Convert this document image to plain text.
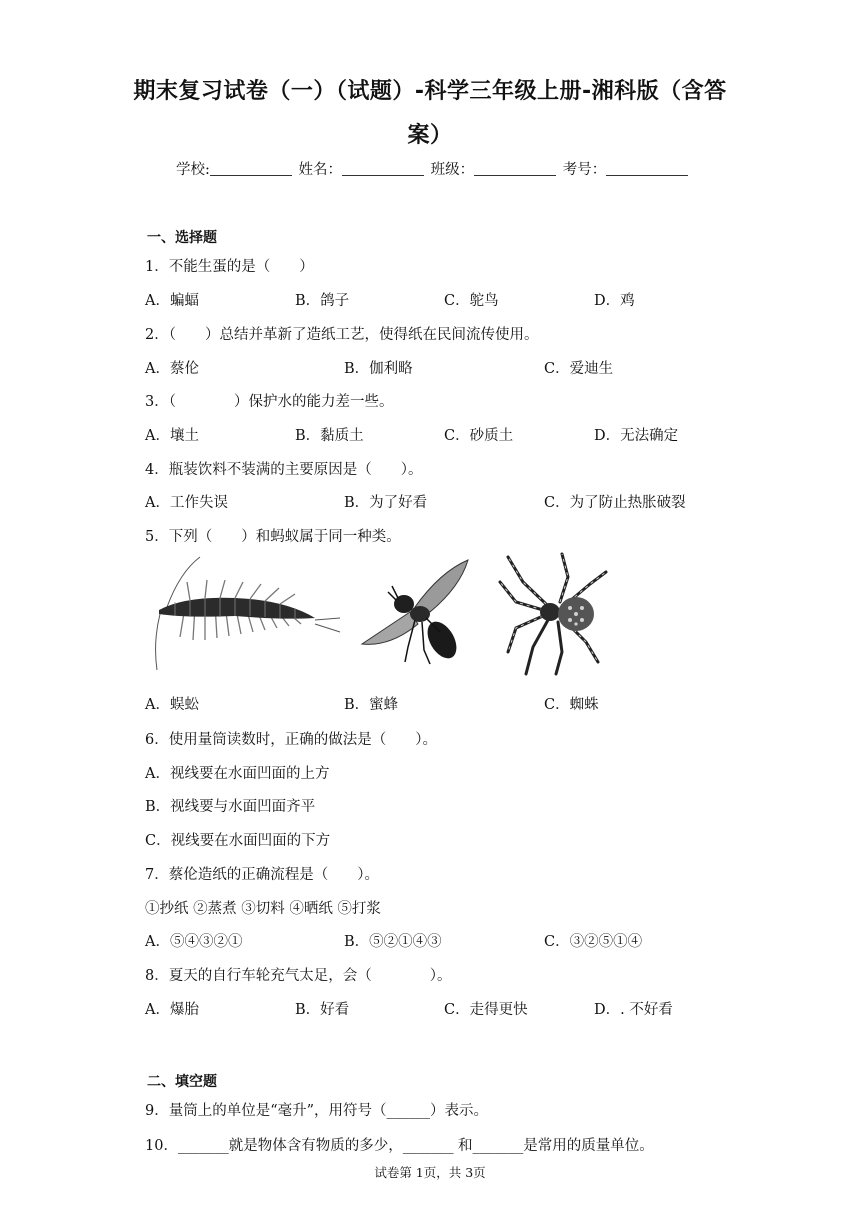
期末复习试卷（一）（试题）-科学三年级上册-湘科版（含答
案）
学校:	姓名：	班级：	考号：
一、选择题
1．不能生蛋的是（　　）
A．蝙蝠	B．鸽子	C．鸵鸟	D．鸡
2．（　　）总结并革新了造纸工艺，使得纸在民间流传使用。
A．蔡伦	B．伽利略	C．爱迪生
3．（　　　　）保护水的能力差一些。
A．壤土	B．黏质土	C．砂质土	D．无法确定
4．瓶装饮料不装满的主要原因是（　　）。
A．工作失误	B．为了好看	C．为了防止热胀破裂
5．下列（　　）和蚂蚁属于同一种类。
A．蜈蚣	B．蜜蜂	C．蜘蛛
6．使用量筒读数时，正确的做法是（　　）。
A．视线要在水面凹面的上方
B．视线要与水面凹面齐平
C．视线要在水面凹面的下方
7．蔡伦造纸的正确流程是（　　）。
①抄纸 ②蒸煮 ③切料 ④晒纸 ⑤打浆
A．⑤④③②①	B．⑤②①④③	C．③②⑤①④
8．夏天的自行车轮充气太足，会（　　　　）。
A．爆胎	B．好看	C．走得更快	D．. 不好看
二、填空题
9．量筒上的单位是“毫升”，用符号（______）表示。
10．_______就是物体含有物质的多少，_______ 和_______是常用的质量单位。
试卷第 1页，共 3页
